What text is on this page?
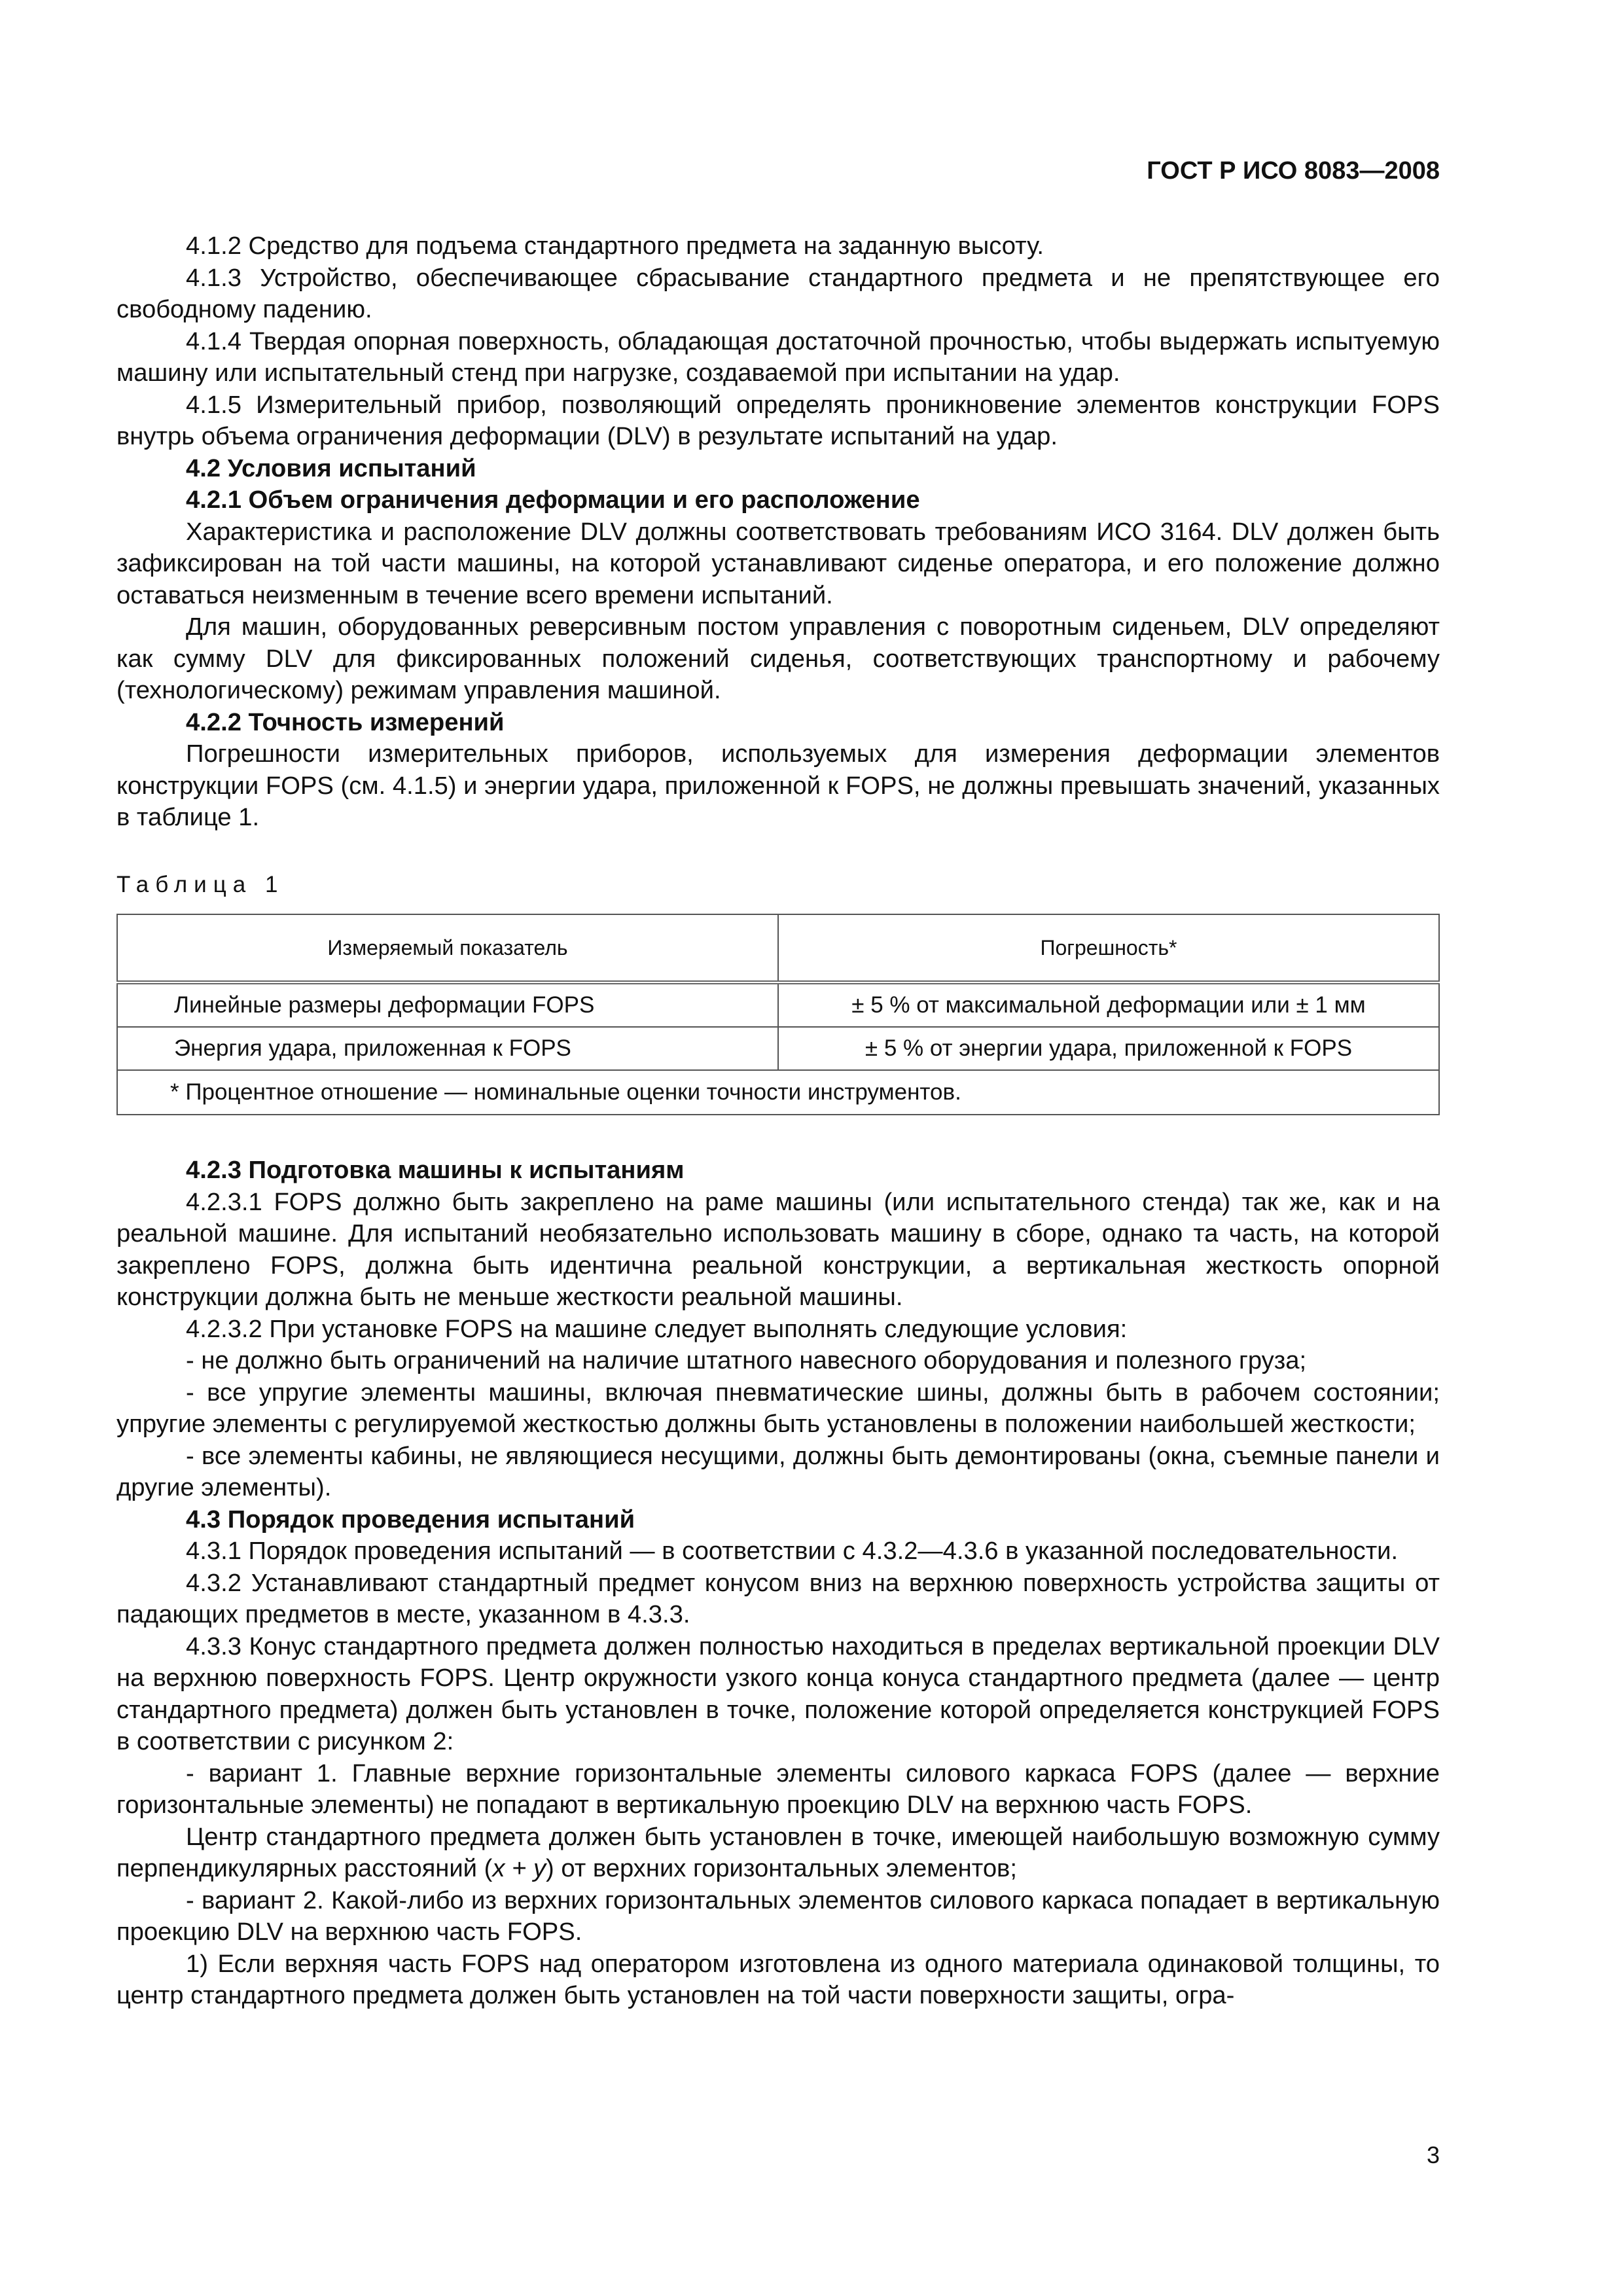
ГОСТ Р ИСО 8083—2008

4.1.2 Средство для подъема стандартного предмета на заданную высоту.

4.1.3 Устройство, обеспечивающее сбрасывание стандартного предмета и не препятствующее его свободному падению.

4.1.4 Твердая опорная поверхность, обладающая достаточной прочностью, чтобы выдержать испытуемую машину или испытательный стенд при нагрузке, создаваемой при испытании на удар.

4.1.5 Измерительный прибор, позволяющий определять проникновение элементов конструкции FOPS внутрь объема ограничения деформации (DLV) в результате испытаний на удар.

4.2 Условия испытаний

4.2.1 Объем ограничения деформации и его расположение

Характеристика и расположение DLV должны соответствовать требованиям ИСО 3164. DLV должен быть зафиксирован на той части машины, на которой устанавливают сиденье оператора, и его положение должно оставаться неизменным в течение всего времени испытаний.

Для машин, оборудованных реверсивным постом управления с поворотным сиденьем, DLV определяют как сумму DLV для фиксированных положений сиденья, соответствующих транспортному и рабочему (технологическому) режимам управления машиной.

4.2.2 Точность измерений

Погрешности измерительных приборов, используемых для измерения деформации элементов конструкции FOPS (см. 4.1.5) и энергии удара, приложенной к FOPS, не должны превышать значений, указанных в таблице 1.

Таблица 1
Измеряемый показатель	Погрешность*
Линейные размеры деформации FOPS	± 5 % от максимальной деформации или ± 1 мм
Энергия удара, приложенная к FOPS	± 5 % от энергии удара, приложенной к FOPS
* Процентное отношение — номинальные оценки точности инструментов.	

4.2.3 Подготовка машины к испытаниям

4.2.3.1 FOPS должно быть закреплено на раме машины (или испытательного стенда) так же, как и на реальной машине. Для испытаний необязательно использовать машину в сборе, однако та часть, на которой закреплено FOPS, должна быть идентична реальной конструкции, а вертикальная жесткость опорной конструкции должна быть не меньше жесткости реальной машины.

4.2.3.2 При установке FOPS на машине следует выполнять следующие условия:

- не должно быть ограничений на наличие штатного навесного оборудования и полезного груза;

- все упругие элементы машины, включая пневматические шины, должны быть в рабочем состоянии; упругие элементы с регулируемой жесткостью должны быть установлены в положении наибольшей жесткости;

- все элементы кабины, не являющиеся несущими, должны быть демонтированы (окна, съемные панели и другие элементы).

4.3 Порядок проведения испытаний

4.3.1 Порядок проведения испытаний — в соответствии с 4.3.2—4.3.6 в указанной последовательности.

4.3.2 Устанавливают стандартный предмет конусом вниз на верхнюю поверхность устройства защиты от падающих предметов в месте, указанном в 4.3.3.

4.3.3 Конус стандартного предмета должен полностью находиться в пределах вертикальной проекции DLV на верхнюю поверхность FOPS. Центр окружности узкого конца конуса стандартного предмета (далее — центр стандартного предмета) должен быть установлен в точке, положение которой определяется конструкцией FOPS в соответствии с рисунком 2:

- вариант 1. Главные верхние горизонтальные элементы силового каркаса FOPS (далее — верхние горизонтальные элементы) не попадают в вертикальную проекцию DLV на верхнюю часть FOPS.

Центр стандартного предмета должен быть установлен в точке, имеющей наибольшую возможную сумму перпендикулярных расстояний (x + y) от верхних горизонтальных элементов;

- вариант 2. Какой-либо из верхних горизонтальных элементов силового каркаса попадает в вертикальную проекцию DLV на верхнюю часть FOPS.

1) Если верхняя часть FOPS над оператором изготовлена из одного материала одинаковой толщины, то центр стандартного предмета должен быть установлен на той части поверхности защиты, огра-

3
